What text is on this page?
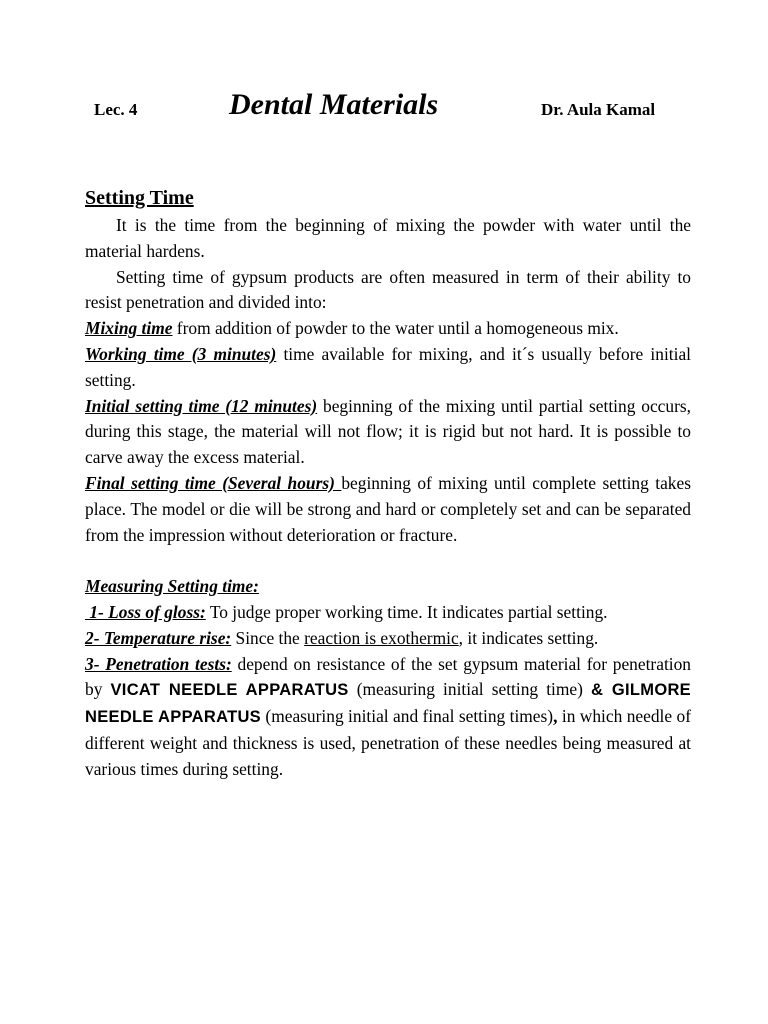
Lec. 4	Dental Materials	Dr. Aula Kamal
Setting Time

It is the time from the beginning of mixing the powder with water until the material hardens.

Setting time of gypsum products are often measured in term of their ability to resist penetration and divided into:

Mixing time from addition of powder to the water until a homogeneous mix.

Working time (3 minutes) time available for mixing, and it´s usually before initial setting.

Initial setting time (12 minutes) beginning of the mixing until partial setting occurs, during this stage, the material will not flow; it is rigid but not hard. It is possible to carve away the excess material.

Final setting time (Several hours) beginning of mixing until complete setting takes place. The model or die will be strong and hard or completely set and can be separated from the impression without deterioration or fracture.

Measuring Setting time:

1- Loss of gloss: To judge proper working time. It indicates partial setting.

2- Temperature rise: Since the reaction is exothermic, it indicates setting.

3- Penetration tests: depend on resistance of the set gypsum material for penetration by VICAT NEEDLE APPARATUS (measuring initial setting time) & GILMORE NEEDLE APPARATUS (measuring initial and final setting times), in which needle of different weight and thickness is used, penetration of these needles being measured at various times during setting.
